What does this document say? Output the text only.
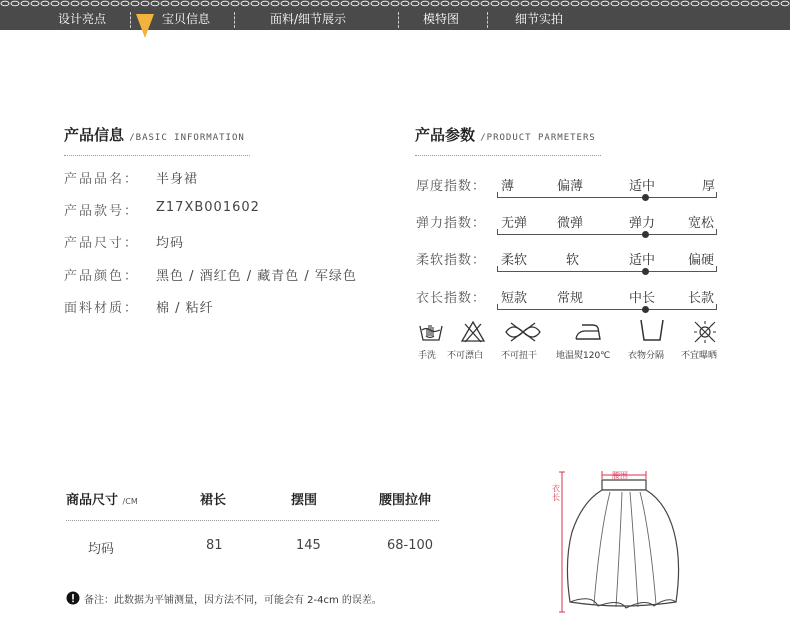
设计亮点	宝贝信息	面料/细节展示	模特图	细节实拍
产品信息 /BASIC INFORMATION
产品品名： 半身裙
产品款号： Z17XB001602
产品尺寸： 均码
产品颜色： 黑色 / 酒红色 / 藏青色 / 军绿色
面料材质： 棉 / 粘纤
产品参数 /PRODUCT PARMETERS
厚度指数： 薄	偏薄	适中	厚
弹力指数： 无弹 微弹	弹力	宽松
柔软指数： 柔软	软	适中	偏硬
衣长指数： 短款 常规	中长	长款
手洗 不可漂白 不可扭干 地温熨120℃ 衣物分隔 不宜曝晒
商品尺寸 /CM	裙长	摆围	腰围拉伸
均码	81	145	68-100
备注：此数据为平铺测量，因方法不同，可能会有 2-4cm 的误差。
腰围
衣长
